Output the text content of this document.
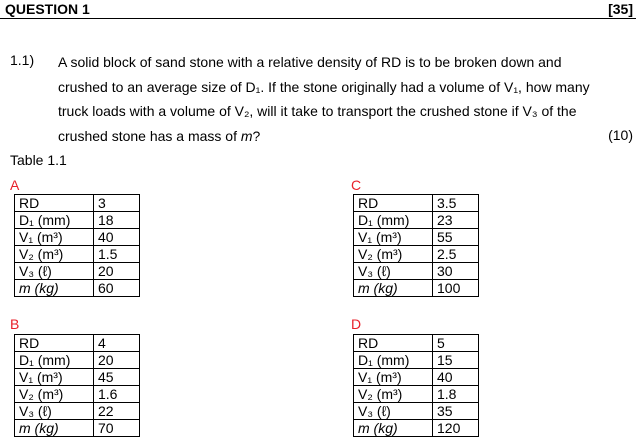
QUESTION 1	[35]
1.1) A solid block of sand stone with a relative density of RD is to be broken down and crushed to an average size of D₁. If the stone originally had a volume of V₁, how many truck loads with a volume of V₂, will it take to transport the crushed stone if V₃ of the crushed stone has a mass of m?	(10)
Table 1.1
A
RD	3
D₁ (mm)	18
V₁ (m³)	40
V₂ (m³)	1.5
V₃ (ℓ)	20
m (kg)	60
C
RD	3.5
D₁ (mm)	23
V₁ (m³)	55
V₂ (m³)	2.5
V₃ (ℓ)	30
m (kg)	100
B
RD	4
D₁ (mm)	20
V₁ (m³)	45
V₂ (m³)	1.6
V₃ (ℓ)	22
m (kg)	70
D
RD	5
D₁ (mm)	15
V₁ (m³)	40
V₂ (m³)	1.8
V₃ (ℓ)	35
m (kg)	120
